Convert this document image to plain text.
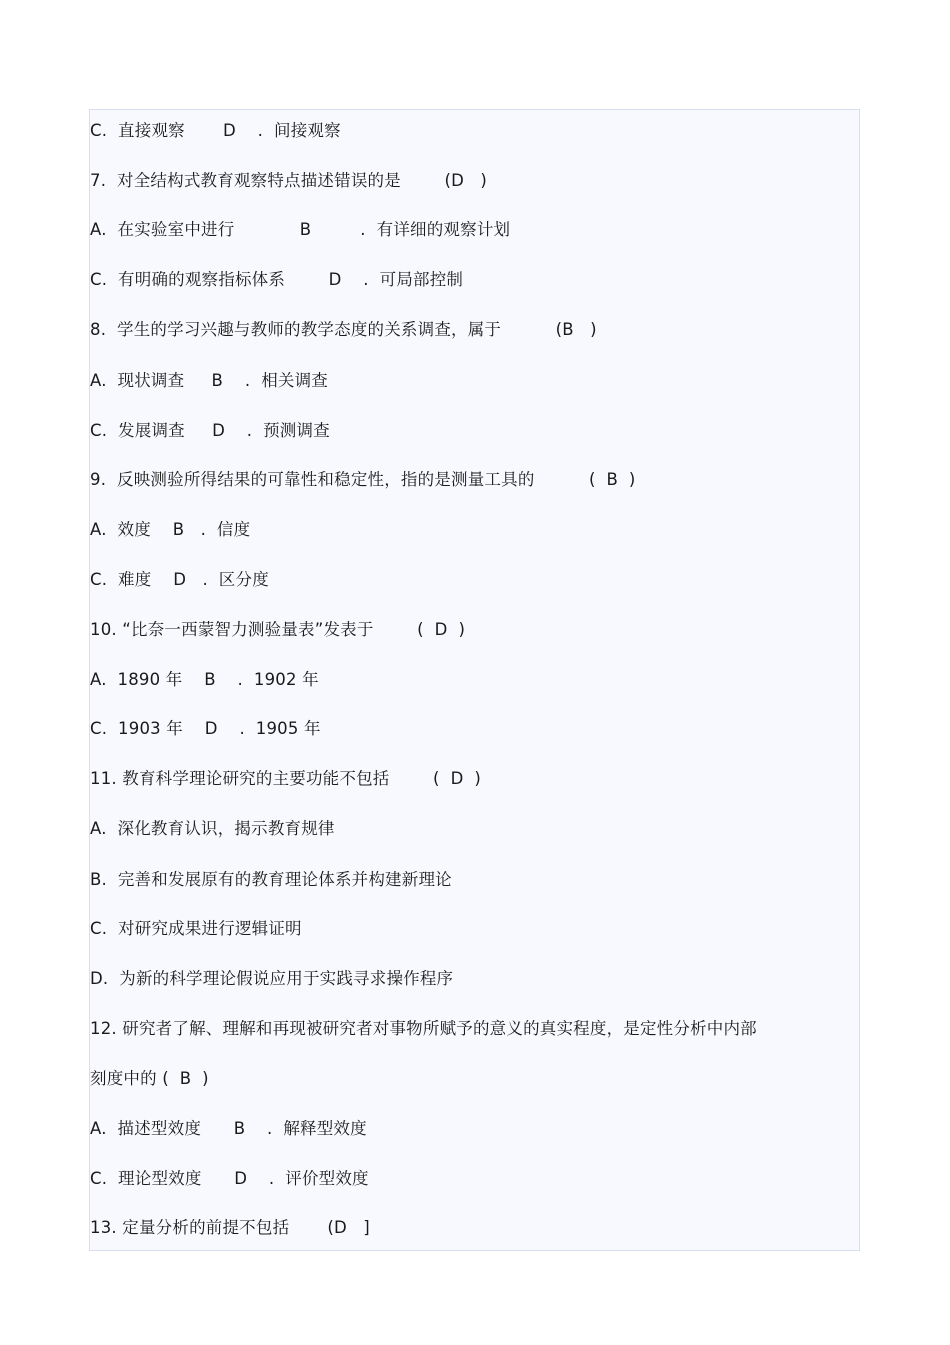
C.  直接观察       D    .  间接观察
7.  对全结构式教育观察特点描述错误的是        (D   )
A.  在实验室中进行            B         .  有详细的观察计划
C.  有明确的观察指标体系        D    .  可局部控制
8.  学生的学习兴趣与教师的教学态度的关系调查，属于          (B   )
A.  现状调查     B    .  相关调查
C.  发展调查     D    .  预测调查
9.  反映测验所得结果的可靠性和稳定性，指的是测量工具的          (  B  )
A.  效度    B   .  信度
C.  难度    D   .  区分度
10. “比奈一西蒙智力测验量表”发表于        (  D  )
A.  1890 年    B    .  1902 年
C.  1903 年    D    .  1905 年
11. 教育科学理论研究的主要功能不包括        (  D  )
A.  深化教育认识，揭示教育规律
B.  完善和发展原有的教育理论体系并构建新理论
C.  对研究成果进行逻辑证明
D.  为新的科学理论假说应用于实践寻求操作程序
12. 研究者了解、理解和再现被研究者对事物所赋予的意义的真实程度，是定性分析中内部
刻度中的 (  B  )
A.  描述型效度      B    .  解释型效度
C.  理论型效度      D    .  评价型效度
13. 定量分析的前提不包括       (D   ]
